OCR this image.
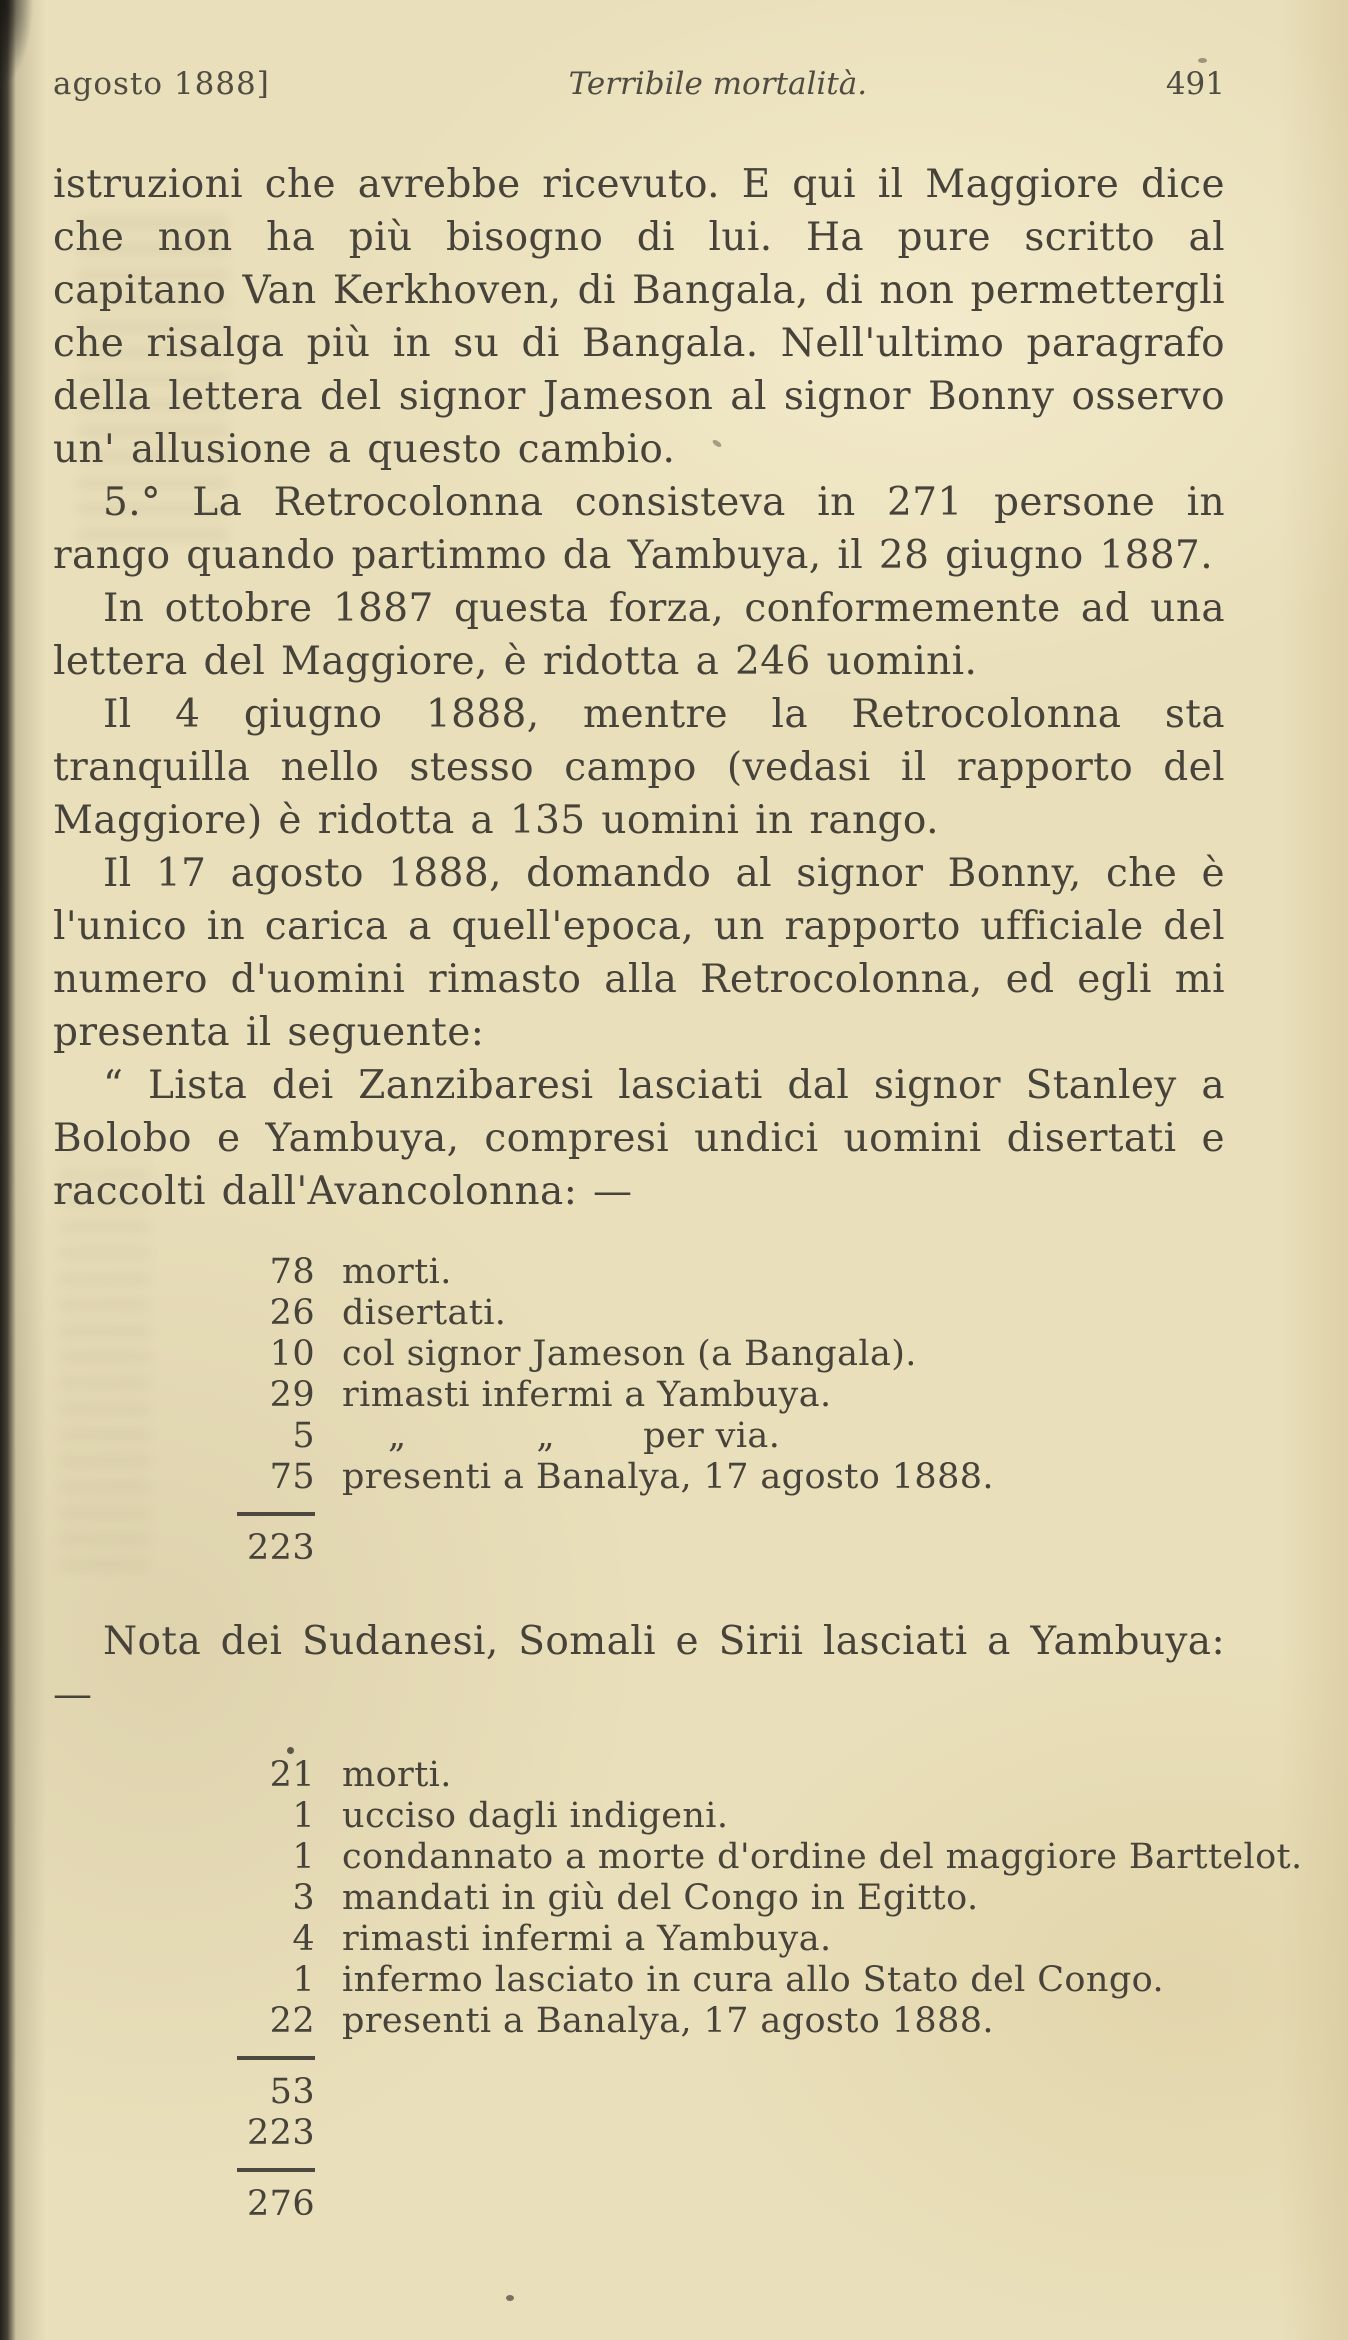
agosto 1888]	Terribile mortalità.	491

istruzioni che avrebbe ricevuto. E qui il Maggiore dice che non ha più bisogno di lui. Ha pure scritto al capitano Van Kerkhoven, di Bangala, di non permettergli che risalga più in su di Bangala. Nell'ultimo paragrafo della lettera del signor Jameson al signor Bonny osservo un' allusione a questo cambio.

5.° La Retrocolonna consisteva in 271 persone in rango quando partimmo da Yambuya, il 28 giugno 1887.

In ottobre 1887 questa forza, conformemente ad una lettera del Maggiore, è ridotta a 246 uomini.

Il 4 giugno 1888, mentre la Retrocolonna sta tranquilla nello stesso campo (vedasi il rapporto del Maggiore) è ridotta a 135 uomini in rango.

Il 17 agosto 1888, domando al signor Bonny, che è l'unico in carica a quell'epoca, un rapporto ufficiale del numero d'uomini rimasto alla Retrocolonna, ed egli mi presenta il seguente:

“ Lista dei Zanzibaresi lasciati dal signor Stanley a Bolobo e Yambuya, compresi undici uomini disertati e raccolti dall'Avancolonna: —

78 morti.
26 disertati.
10 col signor Jameson (a Bangala).
29 rimasti infermi a Yambuya.
5	„	„	per via.
75 presenti a Banalya, 17 agosto 1888.
223

Nota dei Sudanesi, Somali e Sirii lasciati a Yambuya: —

21 morti.
1 ucciso dagli indigeni.
1 condannato a morte d'ordine del maggiore Barttelot.
3 mandati in giù del Congo in Egitto.
4 rimasti infermi a Yambuya.
1 infermo lasciato in cura allo Stato del Congo.
22 presenti a Banalya, 17 agosto 1888.
53
223
276
